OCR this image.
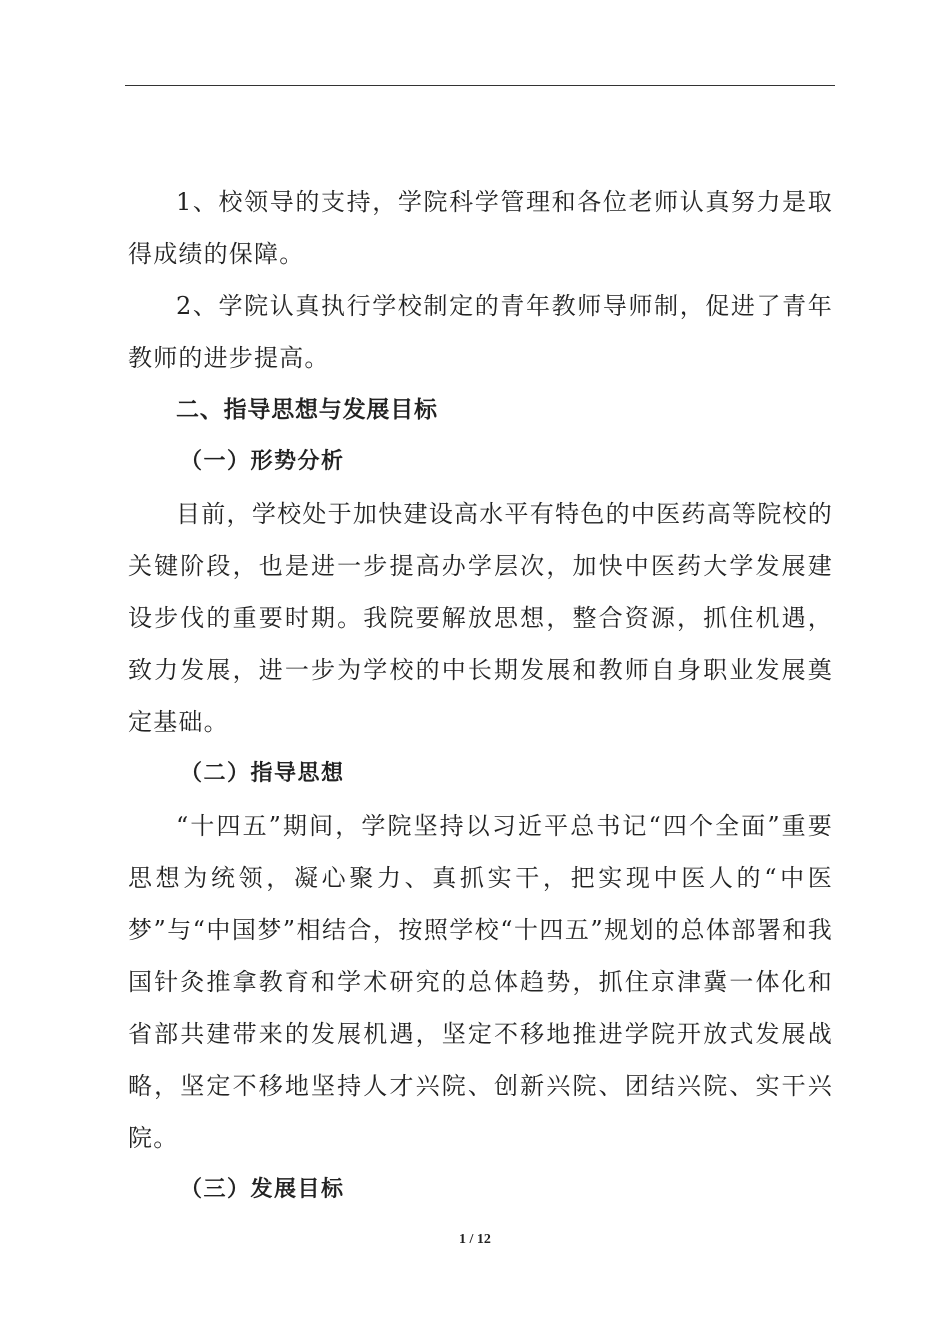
1、校领导的支持，学院科学管理和各位老师认真努力是取得成绩的保障。

2、学院认真执行学校制定的青年教师导师制，促进了青年教师的进步提高。

二、指导思想与发展目标
（一）形势分析

目前，学校处于加快建设高水平有特色的中医药高等院校的关键阶段，也是进一步提高办学层次，加快中医药大学发展建设步伐的重要时期。我院要解放思想，整合资源，抓住机遇，致力发展，进一步为学校的中长期发展和教师自身职业发展奠定基础。

（二）指导思想

“十四五”期间，学院坚持以习近平总书记“四个全面”重要思想为统领，凝心聚力、真抓实干，把实现中医人的“中医梦”与“中国梦”相结合，按照学校“十四五”规划的总体部署和我国针灸推拿教育和学术研究的总体趋势，抓住京津冀一体化和省部共建带来的发展机遇，坚定不移地推进学院开放式发展战略，坚定不移地坚持人才兴院、创新兴院、团结兴院、实干兴院。

（三）发展目标
1 / 12
